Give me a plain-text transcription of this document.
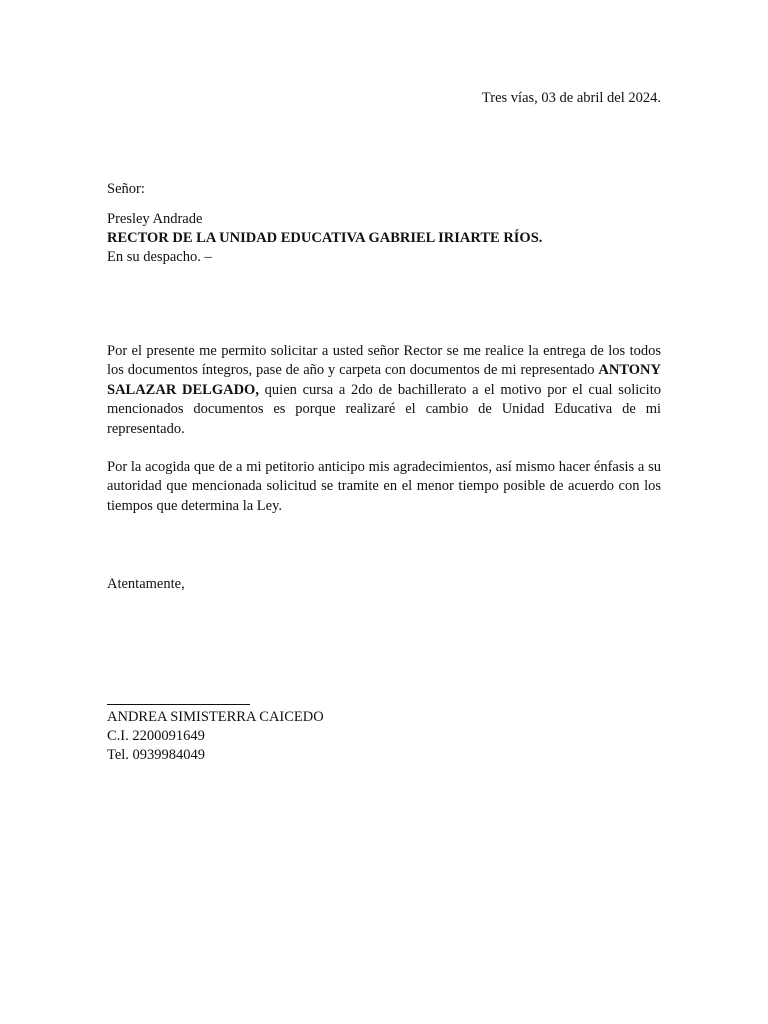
Tres vías, 03 de abril del 2024.
Señor:
Presley Andrade
RECTOR DE LA UNIDAD EDUCATIVA GABRIEL IRIARTE RÍOS.
En su despacho. –
Por el presente me permito solicitar a usted señor Rector se me realice la entrega de los todos los documentos íntegros, pase de año y carpeta con documentos de mi representado ANTONY SALAZAR DELGADO, quien cursa a 2do de bachillerato a el motivo por el cual solicito mencionados documentos es porque realizaré el cambio de Unidad Educativa de mi representado.
Por la acogida que de a mi petitorio anticipo mis agradecimientos, así mismo hacer énfasis a su autoridad que mencionada solicitud se tramite en el menor tiempo posible de acuerdo con los tiempos que determina la Ley.
Atentamente,
ANDREA SIMISTERRA CAICEDO
C.I. 2200091649
Tel. 0939984049
